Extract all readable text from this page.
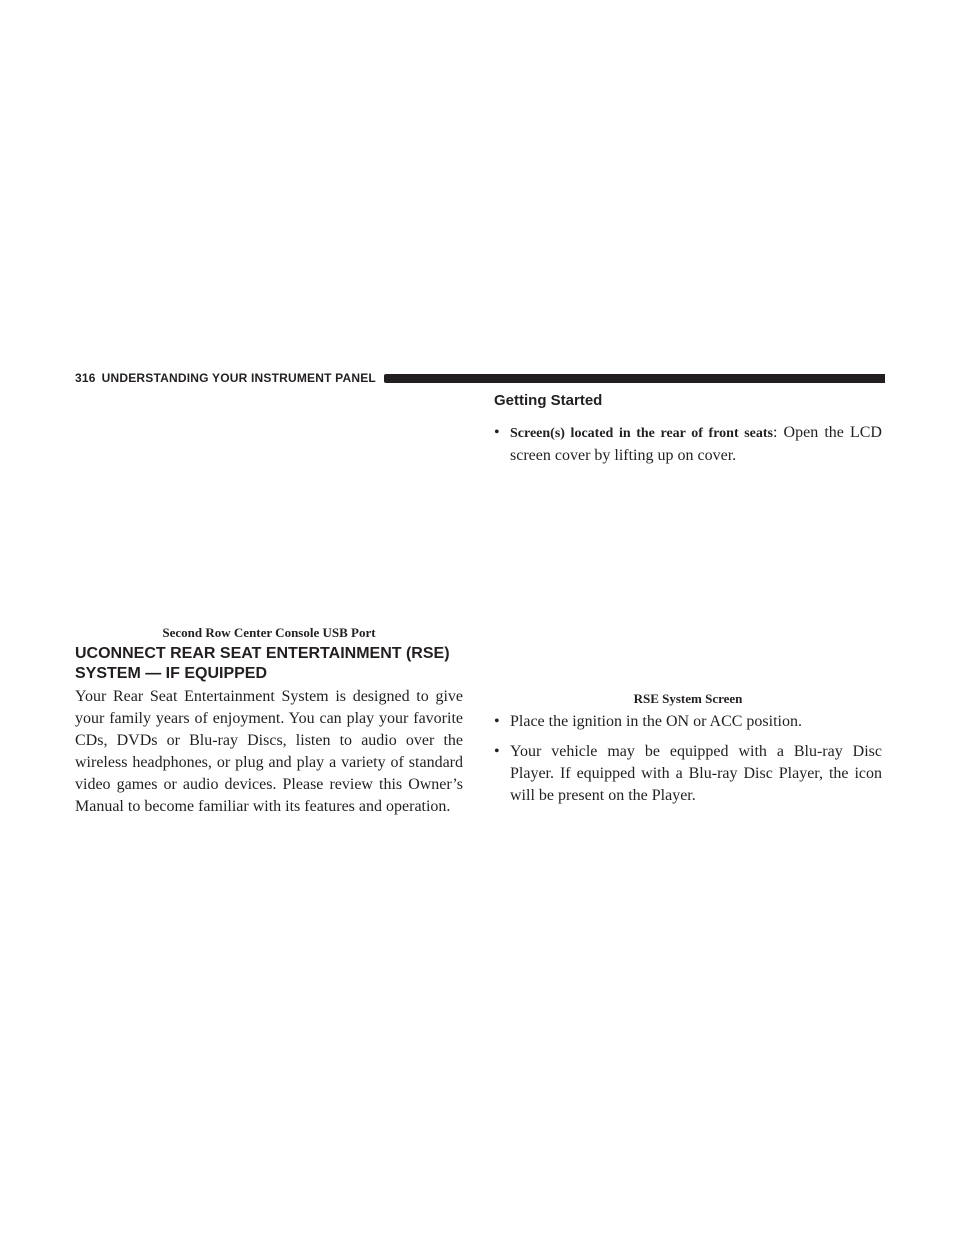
316 UNDERSTANDING YOUR INSTRUMENT PANEL
Second Row Center Console USB Port
UCONNECT REAR SEAT ENTERTAINMENT (RSE)
SYSTEM — IF EQUIPPED

Your Rear Seat Entertainment System is designed to give your family years of enjoyment. You can play your favorite CDs, DVDs or Blu-ray Discs, listen to audio over the wireless headphones, or plug and play a variety of standard video games or audio devices. Please review this Owner’s Manual to become familiar with its features and operation.

Getting Started

• Screen(s) located in the rear of front seats: Open the LCD screen cover by lifting up on cover.

RSE System Screen

• Place the ignition in the ON or ACC position.

• Your vehicle may be equipped with a Blu-ray Disc Player. If equipped with a Blu-ray Disc Player, the icon will be present on the Player.
